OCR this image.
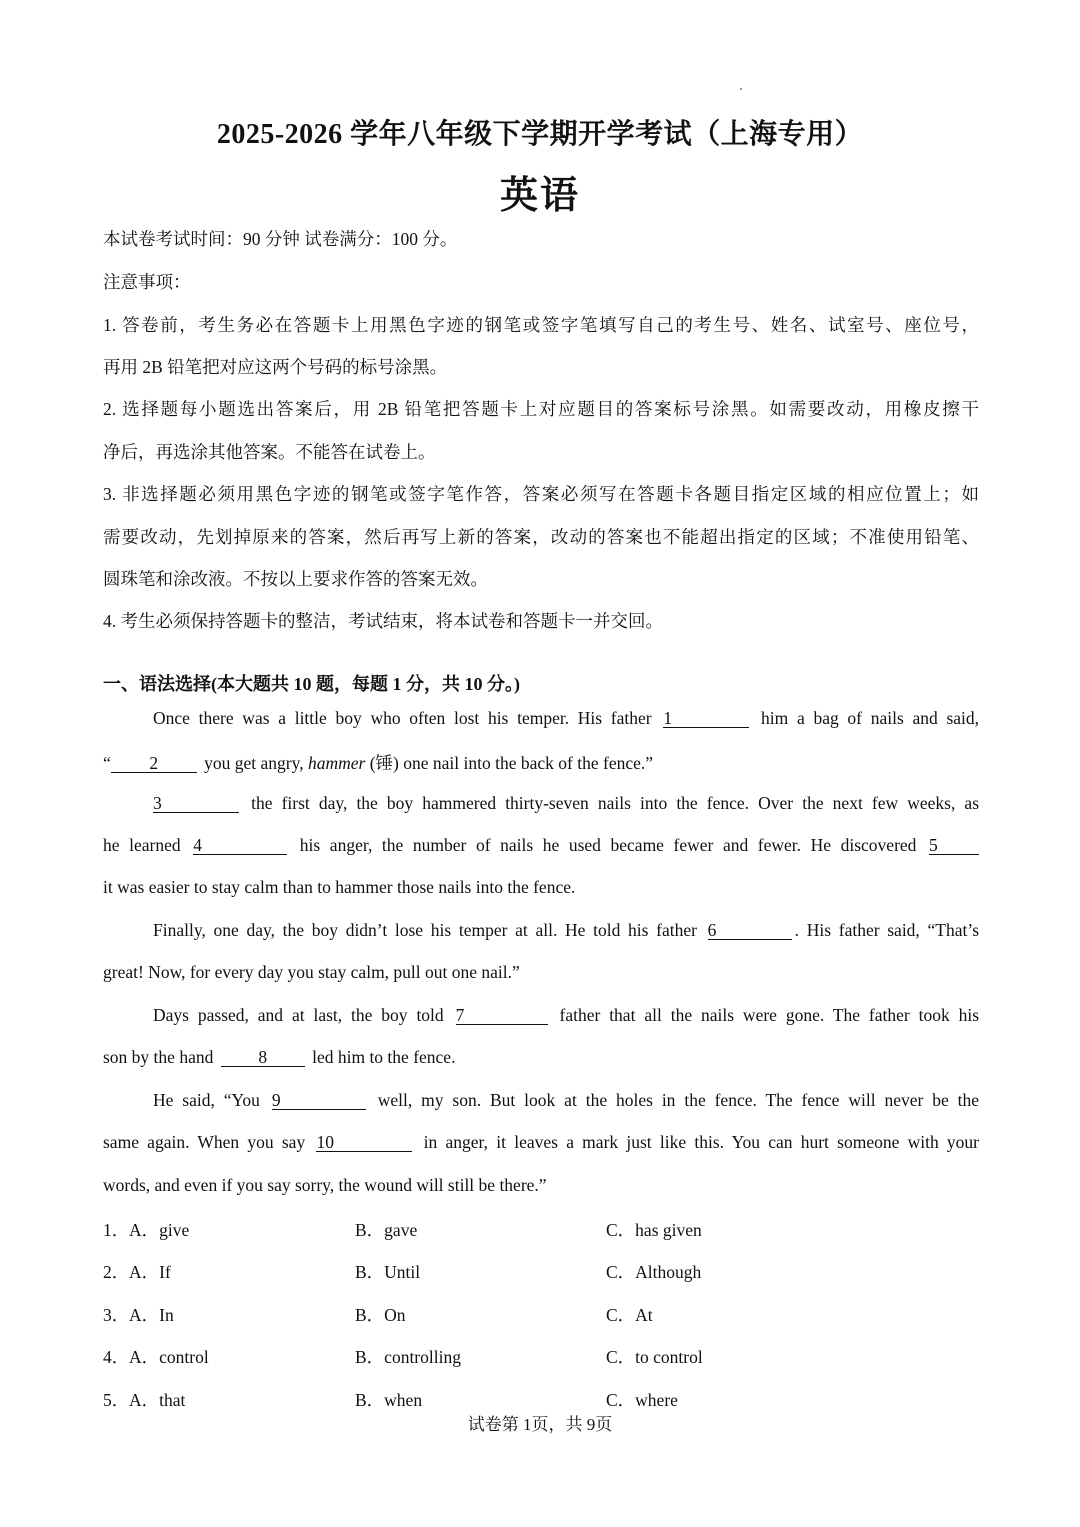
2025-2026 学年八年级下学期开学考试（上海专用）
英语
本试卷考试时间：90 分钟 试卷满分：100 分。
注意事项：
1. 答卷前，考生务必在答题卡上用黑色字迹的钢笔或签字笔填写自己的考生号、姓名、试室号、座位号，
再用 2B 铅笔把对应这两个号码的标号涂黑。
2. 选择题每小题选出答案后，用 2B 铅笔把答题卡上对应题目的答案标号涂黑。如需要改动，用橡皮擦干
净后，再选涂其他答案。不能答在试卷上。
3. 非选择题必须用黑色字迹的钢笔或签字笔作答，答案必须写在答题卡各题目指定区域的相应位置上；如
需要改动，先划掉原来的答案，然后再写上新的答案，改动的答案也不能超出指定的区域；不准使用铅笔、
圆珠笔和涂改液。不按以上要求作答的答案无效。
4. 考生必须保持答题卡的整洁，考试结束，将本试卷和答题卡一并交回。
一、语法选择(本大题共 10 题，每题 1 分，共 10 分。)
Once there was a little boy who often lost his temper. His father 1	him a bag of nails and said,
“ 2	you get angry, hammer (锤) one nail into the back of the fence.”
3	the first day, the boy hammered thirty-seven nails into the fence. Over the next few weeks, as
he learned 4	his anger, the number of nails he used became fewer and fewer. He discovered 5
it was easier to stay calm than to hammer those nails into the fence.
Finally, one day, the boy didn’t lose his temper at all. He told his father 6	. His father said, “That’s
great! Now, for every day you stay calm, pull out one nail.”
Days passed, and at last, the boy told 7	father that all the nails were gone. The father took his
son by the hand	8	led him to the fence.
He said, “You 9	well, my son. But look at the holes in the fence. The fence will never be the
same again. When you say 10	in anger, it leaves a mark just like this. You can hurt someone with your
words, and even if you say sorry, the wound will still be there.”
1． A．give	B．gave	C．has given
2． A．If	B．Until	C．Although
3． A．In	B．On	C．At
4． A．control	B．controlling	C．to control
5． A．that	B．when	C．where
试卷第 1页，共 9页
